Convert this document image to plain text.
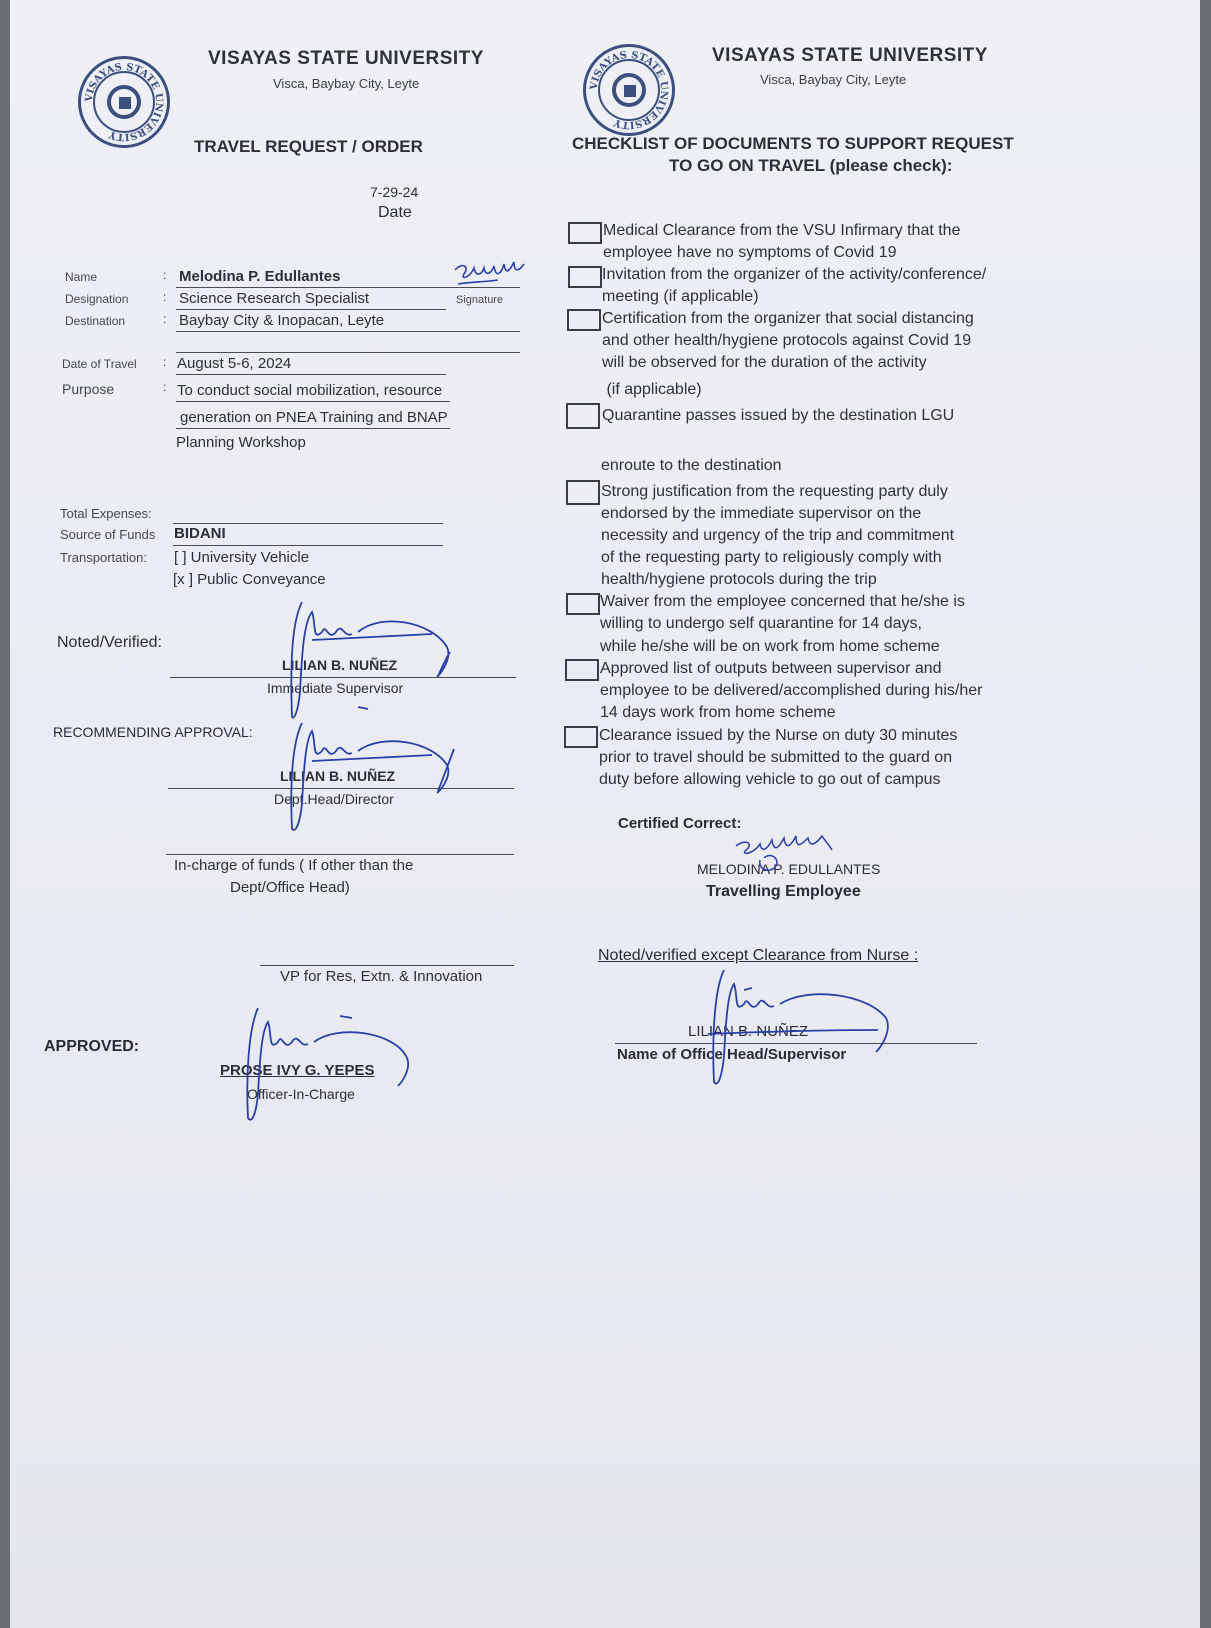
VISAYAS STATE UNIVERSITY
VISAYAS STATE UNIVERSITY
Visca, Baybay City, Leyte
TRAVEL REQUEST / ORDER
7-29-24
Date
Name	: Melodina P. Edullantes
Signature
Designation	: Science Research Specialist
Destination	: Baybay City & Inopacan, Leyte
Date of Travel : August 5-6, 2024
Purpose	: To conduct social mobilization, resource
generation on PNEA Training and BNAP
Planning Workshop
Total Expenses:
Source of Funds BIDANI
Transportation: [ ] University Vehicle
[x ] Public Conveyance
Noted/Verified:
LILIAN B. NUÑEZ
Immediate Supervisor
RECOMMENDING APPROVAL:
LILIAN B. NUÑEZ
Dept.Head/Director
In-charge of funds ( If other than the
Dept/Office Head)
VP for Res, Extn. & Innovation
APPROVED:
PROSE IVY G. YEPES
Officer-In-Charge
VISAYAS STATE UNIVERSITY
VISAYAS STATE UNIVERSITY
Visca, Baybay City, Leyte
CHECKLIST OF DOCUMENTS TO SUPPORT REQUEST
TO GO ON TRAVEL (please check):
Medical Clearance from the VSU Infirmary that the
employee have no symptoms of Covid 19
Invitation from the organizer of the activity/conference/
meeting (if applicable)
Certification from the organizer that social distancing
and other health/hygiene protocols against Covid 19
will be observed for the duration of the activity
(if applicable)
Quarantine passes issued by the destination LGU
enroute to the destination
Strong justification from the requesting party duly
endorsed by the immediate supervisor on the
necessity and urgency of the trip and commitment
of the requesting party to religiously comply with
health/hygiene protocols during the trip
Waiver from the employee concerned that he/she is
willing to undergo self quarantine for 14 days,
while he/she will be on work from home scheme
Approved list of outputs between supervisor and
employee to be delivered/accomplished during his/her
14 days work from home scheme
Clearance issued by the Nurse on duty 30 minutes
prior to travel should be submitted to the guard on
duty before allowing vehicle to go out of campus
Certified Correct:
MELODINA P. EDULLANTES
Travelling Employee
Noted/verified except Clearance from Nurse :
LILIAN B. NUÑEZ
Name of Office Head/Supervisor
